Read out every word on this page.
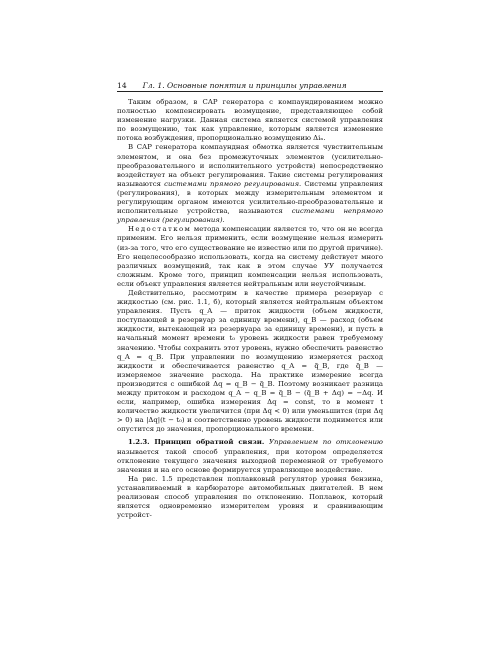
14 Гл. 1. Основные понятия и принципы управления

Таким образом, в САР генератора с компаундированием можно полностью компенсировать возмущение, представляющее собой изменение нагрузки. Данная система является системой управления по возмущению, так как управление, которым является изменение потока возбуждения, пропорционально возмущению Δiₙ.

В САР генератора компаундная обмотка является чувствительным элементом, и она без промежуточных элементов (усилительно-преобразовательного и исполнительного устройств) непосредственно воздействует на объект регулирования. Такие системы регулирования называются системами прямого регулирования. Системы управления (регулирования), в которых между измерительным элементом и регулирующим органом имеются усилительно-преобразовательные и исполнительные устройства, называются системами непрямого управления (регулирования).

Недостатком метода компенсации является то, что он не всегда применим. Его нельзя применить, если возмущение нельзя измерить (из-за того, что его существование не известно или по другой причине). Его нецелесообразно использовать, когда на систему действует много различных возмущений, так как в этом случае УУ получается сложным. Кроме того, принцип компенсации нельзя использовать, если объект управления является нейтральным или неустойчивым.

Действительно, рассмотрим в качестве примера резервуар с жидкостью (см. рис. 1.1, б), который является нейтральным объектом управления. Пусть q_A — приток жидкости (объем жидкости, поступающей в резервуар за единицу времени), q_B — расход (объем жидкости, вытекающей из резервуара за единицу времени), и пусть в начальный момент времени t₀ уровень жидкости равен требуемому значению. Чтобы сохранить этот уровень, нужно обеспечить равенство q_A = q_B. При управлении по возмущению измеряется расход жидкости и обеспечивается равенство q_A = q̃_B, где q̃_B — измеряемое значение расхода. На практике измерение всегда производится с ошибкой Δq = q_B − q̃_B. Поэтому возникает разница между притоком и расходом q_A − q_B = q̃_B − (q̃_B + Δq) = −Δq. И если, например, ошибка измерения Δq = const, то в момент t количество жидкости увеличится (при Δq < 0) или уменьшится (при Δq > 0) на |Δq|(t − t₀) и соответственно уровень жидкости поднимется или опустится до значения, пропорционального времени.

1.2.3. Принцип обратной связи. Управлением по отклонению называется такой способ управления, при котором определяется отклонение текущего значения выходной переменной от требуемого значения и на его основе формируется управляющее воздействие.

На рис. 1.5 представлен поплавковый регулятор уровня бензина, устанавливаемый в карбюраторе автомобильных двигателей. В нем реализован способ управления по отклонению. Поплавок, который является одновременно измерителем уровня и сравнивающим устройст-
